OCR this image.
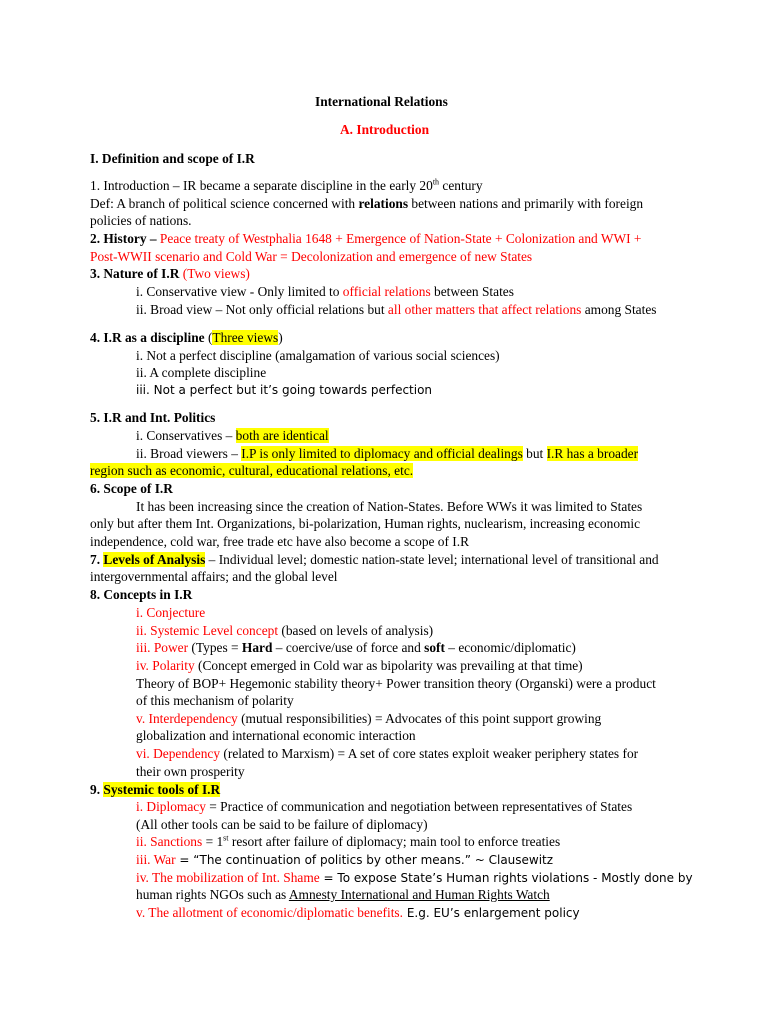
International Relations
A. Introduction
I. Definition and scope of I.R
1. Introduction – IR became a separate discipline in the early 20th century
Def: A branch of political science concerned with relations between nations and primarily with foreign
policies of nations.
2. History – Peace treaty of Westphalia 1648 + Emergence of Nation-State + Colonization and WWI +
Post-WWII scenario and Cold War = Decolonization and emergence of new States
3. Nature of I.R (Two views)
i. Conservative view - Only limited to official relations between States
ii. Broad view – Not only official relations but all other matters that affect relations among States
4. I.R as a discipline (Three views)
i. Not a perfect discipline (amalgamation of various social sciences)
ii. A complete discipline
iii. Not a perfect but it’s going towards perfection
5. I.R and Int. Politics
i. Conservatives – both are identical
ii. Broad viewers – I.P is only limited to diplomacy and official dealings but I.R has a broader
region such as economic, cultural, educational relations, etc.
6. Scope of I.R
It has been increasing since the creation of Nation-States. Before WWs it was limited to States
only but after them Int. Organizations, bi-polarization, Human rights, nuclearism, increasing economic
independence, cold war, free trade etc have also become a scope of I.R
7. Levels of Analysis – Individual level; domestic nation-state level; international level of transitional and
intergovernmental affairs; and the global level
8. Concepts in I.R
i. Conjecture
ii. Systemic Level concept (based on levels of analysis)
iii. Power (Types = Hard – coercive/use of force and soft – economic/diplomatic)
iv. Polarity (Concept emerged in Cold war as bipolarity was prevailing at that time)
Theory of BOP+ Hegemonic stability theory+ Power transition theory (Organski) were a product
of this mechanism of polarity
v. Interdependency (mutual responsibilities) = Advocates of this point support growing
globalization and international economic interaction
vi. Dependency (related to Marxism) = A set of core states exploit weaker periphery states for
their own prosperity
9. Systemic tools of I.R
i. Diplomacy = Practice of communication and negotiation between representatives of States
(All other tools can be said to be failure of diplomacy)
ii. Sanctions = 1st resort after failure of diplomacy; main tool to enforce treaties
iii. War = “The continuation of politics by other means.” ~ Clausewitz
iv. The mobilization of Int. Shame = To expose State’s Human rights violations - Mostly done by
human rights NGOs such as Amnesty International and Human Rights Watch
v. The allotment of economic/diplomatic benefits. E.g. EU’s enlargement policy
